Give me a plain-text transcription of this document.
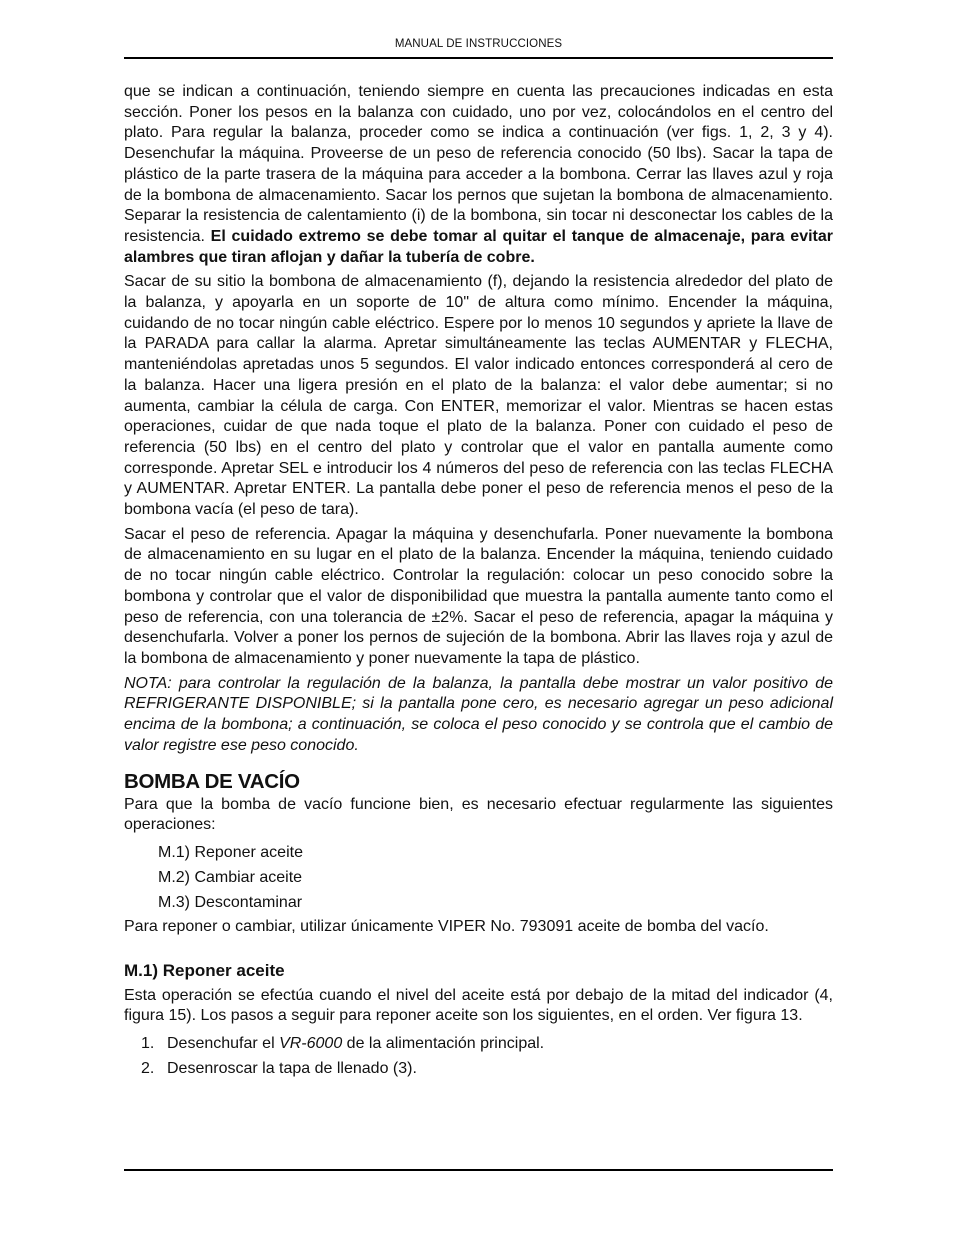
MANUAL DE INSTRUCCIONES

que se indican a continuación, teniendo siempre en cuenta las precauciones indicadas en esta sección. Poner los pesos en la balanza con cuidado, uno por vez, colocándolos en el centro del plato. Para regular la balanza, proceder como se indica a continuación (ver figs. 1, 2, 3 y 4). Desenchufar la máquina. Proveerse de un peso de referencia conocido (50 lbs). Sacar la tapa de plástico de la parte trasera de la máquina para acceder a la bombona. Cerrar las llaves azul y roja de la bombona de almacenamiento. Sacar los pernos que sujetan la bombona de almacenamiento. Separar la resistencia de calentamiento (i) de la bombona, sin tocar ni desconectar los cables de la resistencia. El cuidado extremo se debe tomar al quitar el tanque de almacenaje, para evitar alambres que tiran aflojan y dañar la tubería de cobre.

Sacar de su sitio la bombona de almacenamiento (f), dejando la resistencia alrededor del plato de la balanza, y apoyarla en un soporte de 10" de altura como mínimo. Encender la máquina, cuidando de no tocar ningún cable eléctrico. Espere por lo menos 10 segundos y apriete la llave de la PARADA para callar la alarma. Apretar simultáneamente las teclas AUMENTAR y FLECHA, manteniéndolas apretadas unos 5 segundos. El valor indicado entonces corresponderá al cero de la balanza. Hacer una ligera presión en el plato de la balanza: el valor debe aumentar; si no aumenta, cambiar la célula de carga. Con ENTER, memorizar el valor. Mientras se hacen estas operaciones, cuidar de que nada toque el plato de la balanza. Poner con cuidado el peso de referencia (50 lbs) en el centro del plato y controlar que el valor en pantalla aumente como corresponde. Apretar SEL e introducir los 4 números del peso de referencia con las teclas FLECHA y AUMENTAR. Apretar ENTER. La pantalla debe poner el peso de referencia menos el peso de la bombona vacía (el peso de tara).

Sacar el peso de referencia. Apagar la máquina y desenchufarla. Poner nuevamente la bombona de almacenamiento en su lugar en el plato de la balanza. Encender la máquina, teniendo cuidado de no tocar ningún cable eléctrico. Controlar la regulación: colocar un peso conocido sobre la bombona y controlar que el valor de disponibilidad que muestra la pantalla aumente tanto como el peso de referencia, con una tolerancia de ±2%. Sacar el peso de referencia, apagar la máquina y desenchufarla. Volver a poner los pernos de sujeción de la bombona. Abrir las llaves roja y azul de la bombona de almacenamiento y poner nuevamente la tapa de plástico.

NOTA: para controlar la regulación de la balanza, la pantalla debe mostrar un valor positivo de REFRIGERANTE DISPONIBLE; si la pantalla pone cero, es necesario agregar un peso adicional encima de la bombona; a continuación, se coloca el peso conocido y se controla que el cambio de valor registre ese peso conocido.

BOMBA DE VACÍO

Para que la bomba de vacío funcione bien, es necesario efectuar regularmente las siguientes operaciones:

M.1) Reponer aceite
M.2) Cambiar aceite
M.3) Descontaminar

Para reponer o cambiar, utilizar únicamente VIPER No. 793091 aceite de bomba del vacío.

M.1) Reponer aceite

Esta operación se efectúa cuando el nivel del aceite está por debajo de la mitad del indicador (4, figura 15). Los pasos a seguir para reponer aceite son los siguientes, en el orden. Ver figura 13.

1. Desenchufar el VR-6000 de la alimentación principal.
2. Desenroscar la tapa de llenado (3).
